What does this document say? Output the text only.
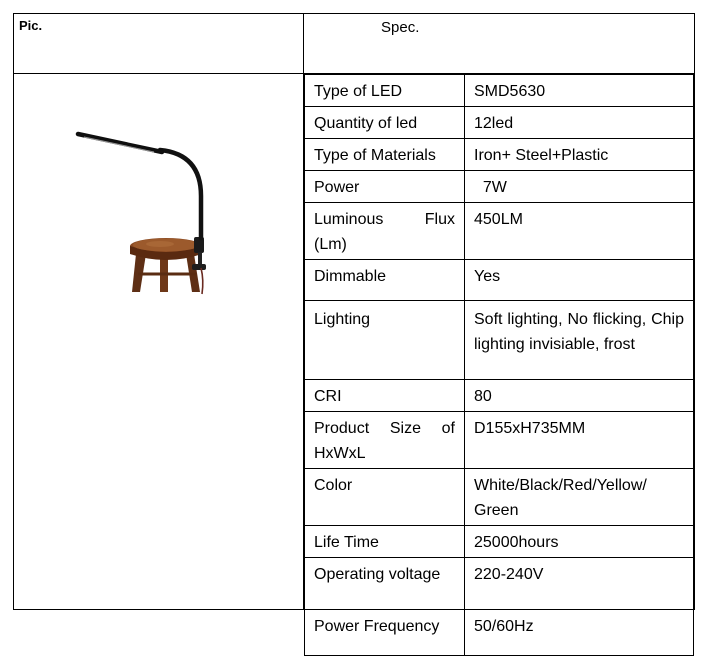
Pic.	Spec.
Type of LED	SMD5630
Quantity of led	12led
Type of Materials	Iron+ Steel+Plastic
Power	7W
Luminous Flux (Lm)	450LM
Dimmable	Yes
Lighting	Soft lighting, No flicking, Chip lighting invisiable, frost
CRI	80
Product Size of HxWxL	D155xH735MM
Color	White/Black/Red/Yellow/ Green
Life Time	25000hours
Operating voltage	220-240V
Power Frequency	50/60Hz
